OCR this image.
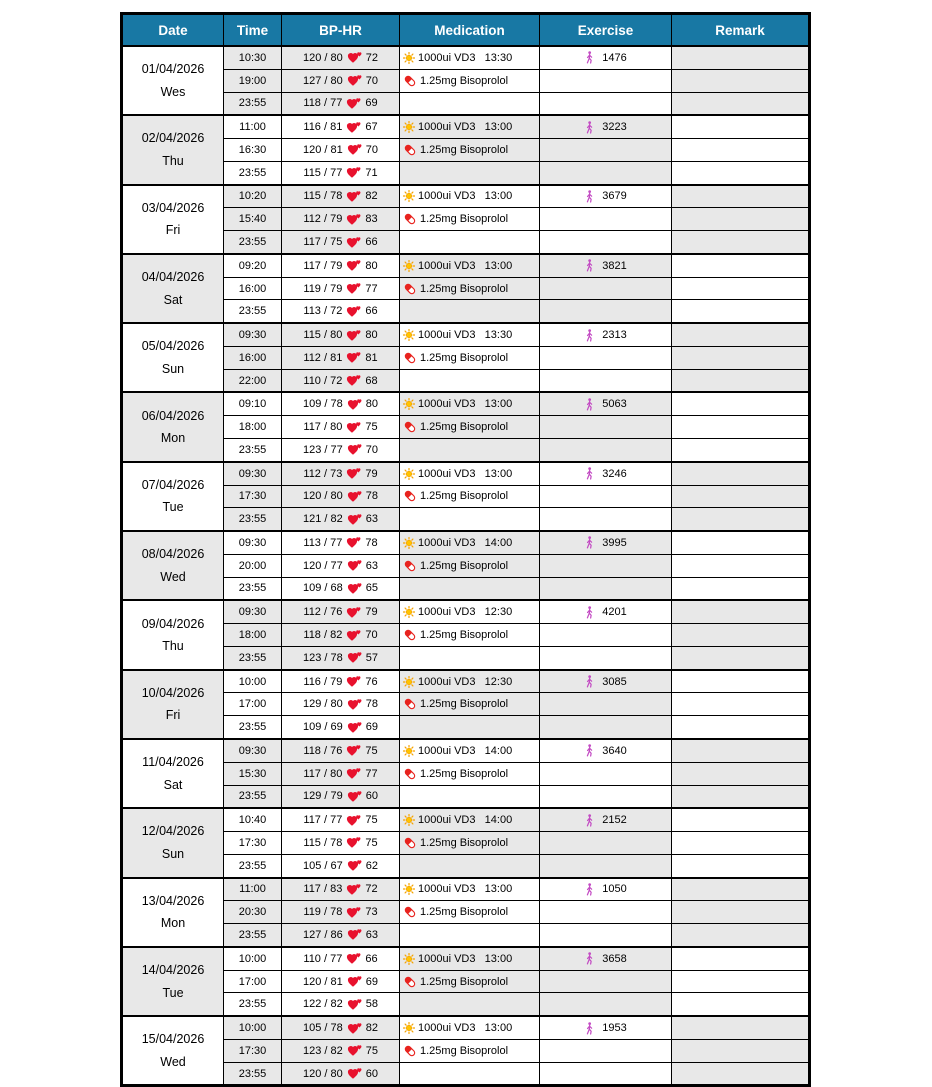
Date	Time	BP-HR	Medication	Exercise	Remark

01/04/2026
Wes
	10:30	120 / 80 72	1000ui VD3   13:30	1476

	19:00	127 / 80 70	1.25mg Bisoprolol		

	23:55	118 / 77 69			

02/04/2026
Thu
	11:00	116 / 81 67	1000ui VD3   13:00	3223

	16:30	120 / 81 70	1.25mg Bisoprolol		

	23:55	115 / 77 71			

03/04/2026
Fri
	10:20	115 / 78 82	1000ui VD3   13:00	3679

	15:40	112 / 79 83	1.25mg Bisoprolol		

	23:55	117 / 75 66			

04/04/2026
Sat
	09:20	117 / 79 80	1000ui VD3   13:00	3821

	16:00	119 / 79 77	1.25mg Bisoprolol		

	23:55	113 / 72 66			

05/04/2026
Sun
	09:30	115 / 80 80	1000ui VD3   13:30	2313

	16:00	112 / 81 81	1.25mg Bisoprolol		

	22:00	110 / 72 68			

06/04/2026
Mon
	09:10	109 / 78 80	1000ui VD3   13:00	5063

	18:00	117 / 80 75	1.25mg Bisoprolol		

	23:55	123 / 77 70			

07/04/2026
Tue
	09:30	112 / 73 79	1000ui VD3   13:00	3246

	17:30	120 / 80 78	1.25mg Bisoprolol		

	23:55	121 / 82 63			

08/04/2026
Wed
	09:30	113 / 77 78	1000ui VD3   14:00	3995

	20:00	120 / 77 63	1.25mg Bisoprolol		

	23:55	109 / 68 65			

09/04/2026
Thu
	09:30	112 / 76 79	1000ui VD3   12:30	4201

	18:00	118 / 82 70	1.25mg Bisoprolol		

	23:55	123 / 78 57			

10/04/2026
Fri
	10:00	116 / 79 76	1000ui VD3   12:30	3085

	17:00	129 / 80 78	1.25mg Bisoprolol		

	23:55	109 / 69 69			

11/04/2026
Sat
	09:30	118 / 76 75	1000ui VD3   14:00	3640

	15:30	117 / 80 77	1.25mg Bisoprolol		

	23:55	129 / 79 60			

12/04/2026
Sun
	10:40	117 / 77 75	1000ui VD3   14:00	2152

	17:30	115 / 78 75	1.25mg Bisoprolol		

	23:55	105 / 67 62			

13/04/2026
Mon
	11:00	117 / 83 72	1000ui VD3   13:00	1050

	20:30	119 / 78 73	1.25mg Bisoprolol		

	23:55	127 / 86 63			

14/04/2026
Tue
	10:00	110 / 77 66	1000ui VD3   13:00	3658

	17:00	120 / 81 69	1.25mg Bisoprolol		

	23:55	122 / 82 58			

15/04/2026
Wed
	10:00	105 / 78 82	1000ui VD3   13:00	1953

	17:30	123 / 82 75	1.25mg Bisoprolol		

	23:55	120 / 80 60			
